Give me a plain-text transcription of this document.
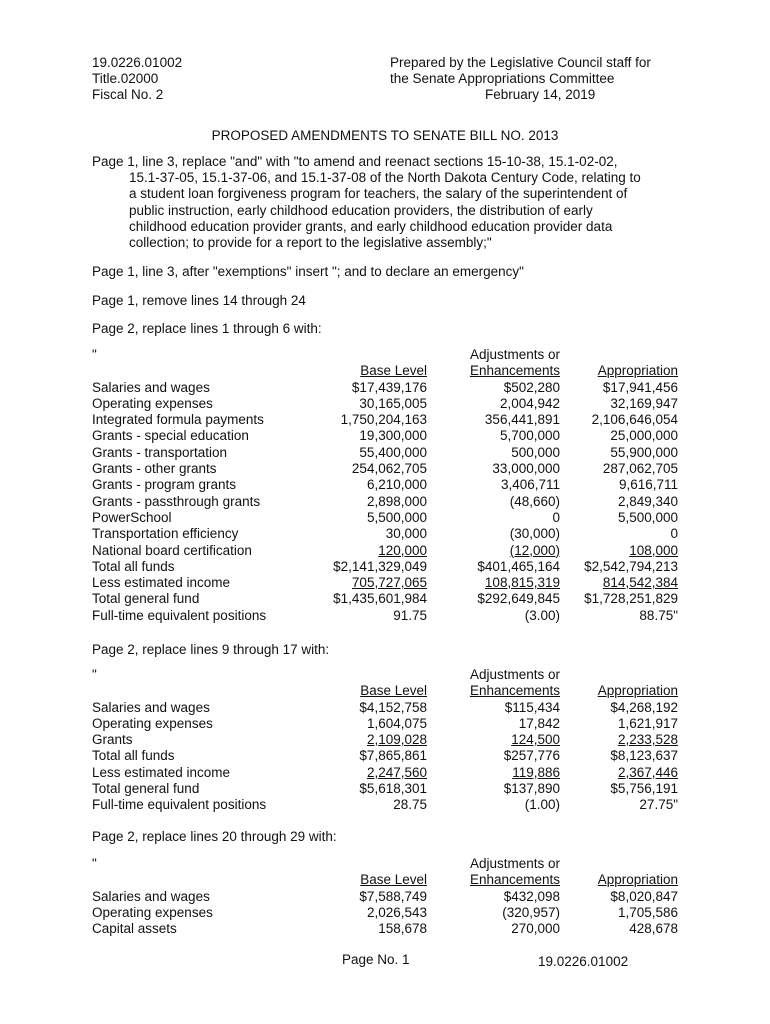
19.0226.01002
Title.02000
Fiscal No. 2
Prepared by the Legislative Council staff for
the Senate Appropriations Committee
February 14, 2019
PROPOSED AMENDMENTS TO SENATE BILL NO. 2013
Page 1, line 3, replace "and" with "to amend and reenact sections 15-10-38, 15.1-02-02,
15.1-37-05, 15.1-37-06, and 15.1-37-08 of the North Dakota Century Code, relating to
a student loan forgiveness program for teachers, the salary of the superintendent of
public instruction, early childhood education providers, the distribution of early
childhood education provider grants, and early childhood education provider data
collection; to provide for a report to the legislative assembly;"
Page 1, line 3, after "exemptions" insert "; and to declare an emergency"
Page 1, remove lines 14 through 24
Page 2, replace lines 1 through 6 with:
"
			Adjustments or	
	Base Level	Enhancements	Appropriation
Salaries and wages	$17,439,176	$502,280	$17,941,456
Operating expenses	30,165,005	2,004,942	32,169,947
Integrated formula payments	1,750,204,163	356,441,891	2,106,646,054
Grants - special education	19,300,000	5,700,000	25,000,000
Grants - transportation	55,400,000	500,000	55,900,000
Grants - other grants	254,062,705	33,000,000	287,062,705
Grants - program grants	6,210,000	3,406,711	9,616,711
Grants - passthrough grants	2,898,000	(48,660)	2,849,340
PowerSchool	5,500,000	0	5,500,000
Transportation efficiency	30,000	(30,000)	0
National board certification	120,000	(12,000)	108,000
Total all funds	$2,141,329,049	$401,465,164	$2,542,794,213
Less estimated income	705,727,065	108,815,319	814,542,384
Total general fund	$1,435,601,984	$292,649,845	$1,728,251,829
Full-time equivalent positions	91.75	(3.00)	88.75"
Page 2, replace lines 9 through 17 with:
"
			Adjustments or	
	Base Level	Enhancements	Appropriation
Salaries and wages	$4,152,758	$115,434	$4,268,192
Operating expenses	1,604,075	17,842	1,621,917
Grants	2,109,028	124,500	2,233,528
Total all funds	$7,865,861	$257,776	$8,123,637
Less estimated income	2,247,560	119,886	2,367,446
Total general fund	$5,618,301	$137,890	$5,756,191
Full-time equivalent positions	28.75	(1.00)	27.75"
Page 2, replace lines 20 through 29 with:
"
			Adjustments or	
	Base Level	Enhancements	Appropriation
Salaries and wages	$7,588,749	$432,098	$8,020,847
Operating expenses	2,026,543	(320,957)	1,705,586
Capital assets	158,678	270,000	428,678
Page No. 1	19.0226.01002
